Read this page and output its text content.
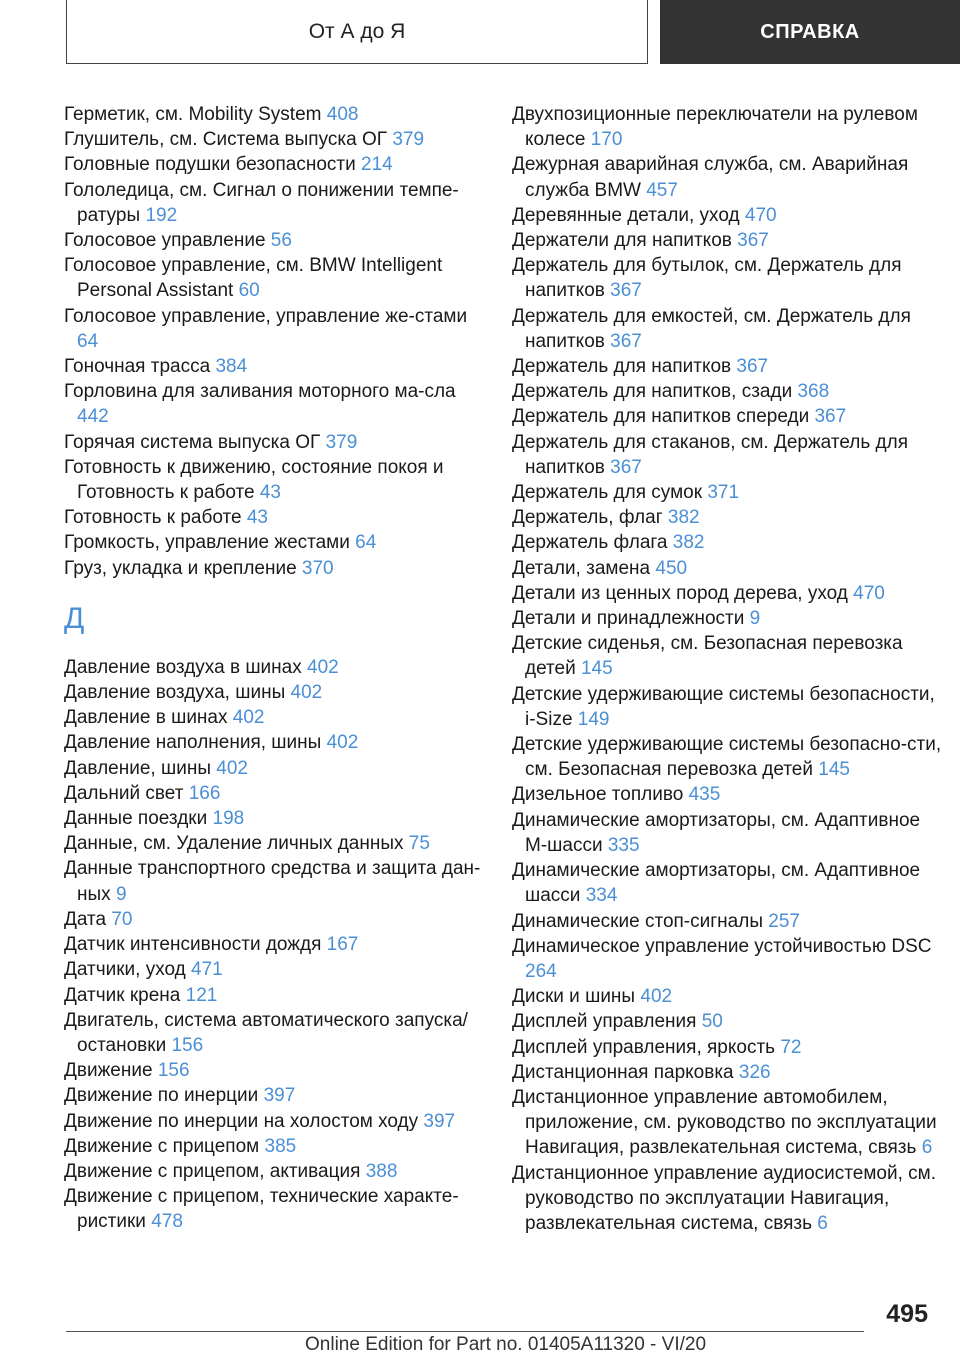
От А до Я	СПРАВКА
Герметик, см. Mobility System 408
Глушитель, см. Система выпуска ОГ 379
Головные подушки безопасности 214
Гололедица, см. Сигнал о понижении темпе-ратуры 192
Голосовое управление 56
Голосовое управление, см. BMW Intelligent Personal Assistant 60
Голосовое управление, управление же-стами 64
Гоночная трасса 384
Горловина для заливания моторного ма-сла 442
Горячая система выпуска ОГ 379
Готовность к движению, состояние покоя и Готовность к работе 43
Готовность к работе 43
Громкость, управление жестами 64
Груз, укладка и крепление 370
Д
Давление воздуха в шинах 402
Давление воздуха, шины 402
Давление в шинах 402
Давление наполнения, шины 402
Давление, шины 402
Дальний свет 166
Данные поездки 198
Данные, см. Удаление личных данных 75
Данные транспортного средства и защита дан-ных 9
Дата 70
Датчик интенсивности дождя 167
Датчики, уход 471
Датчик крена 121
Двигатель, система автоматического запуска/ остановки 156
Движение 156
Движение по инерции 397
Движение по инерции на холостом ходу 397
Движение с прицепом 385
Движение с прицепом, активация 388
Движение с прицепом, технические характе-ристики 478
Двухпозиционные переключатели на рулевом колесе 170
Дежурная аварийная служба, см. Аварийная служба BMW 457
Деревянные детали, уход 470
Держатели для напитков 367
Держатель для бутылок, см. Держатель для напитков 367
Держатель для емкостей, см. Держатель для напитков 367
Держатель для напитков 367
Держатель для напитков, сзади 368
Держатель для напитков спереди 367
Держатель для стаканов, см. Держатель для напитков 367
Держатель для сумок 371
Держатель, флаг 382
Держатель флага 382
Детали, замена 450
Детали из ценных пород дерева, уход 470
Детали и принадлежности 9
Детские сиденья, см. Безопасная перевозка детей 145
Детские удерживающие системы безопасности, i-Size 149
Детские удерживающие системы безопасно-сти, см. Безопасная перевозка детей 145
Дизельное топливо 435
Динамические амортизаторы, см. Адаптивное M-шасси 335
Динамические амортизаторы, см. Адаптивное шасси 334
Динамические стоп-сигналы 257
Динамическое управление устойчивостью DSC 264
Диски и шины 402
Дисплей управления 50
Дисплей управления, яркость 72
Дистанционная парковка 326
Дистанционное управление автомобилем, приложение, см. руководство по эксплуатации Навигация, развлекательная система, связь 6
Дистанционное управление аудиосистемой, см. руководство по эксплуатации Навигация, развлекательная система, связь 6
495
Online Edition for Part no. 01405A11320 - VI/20
